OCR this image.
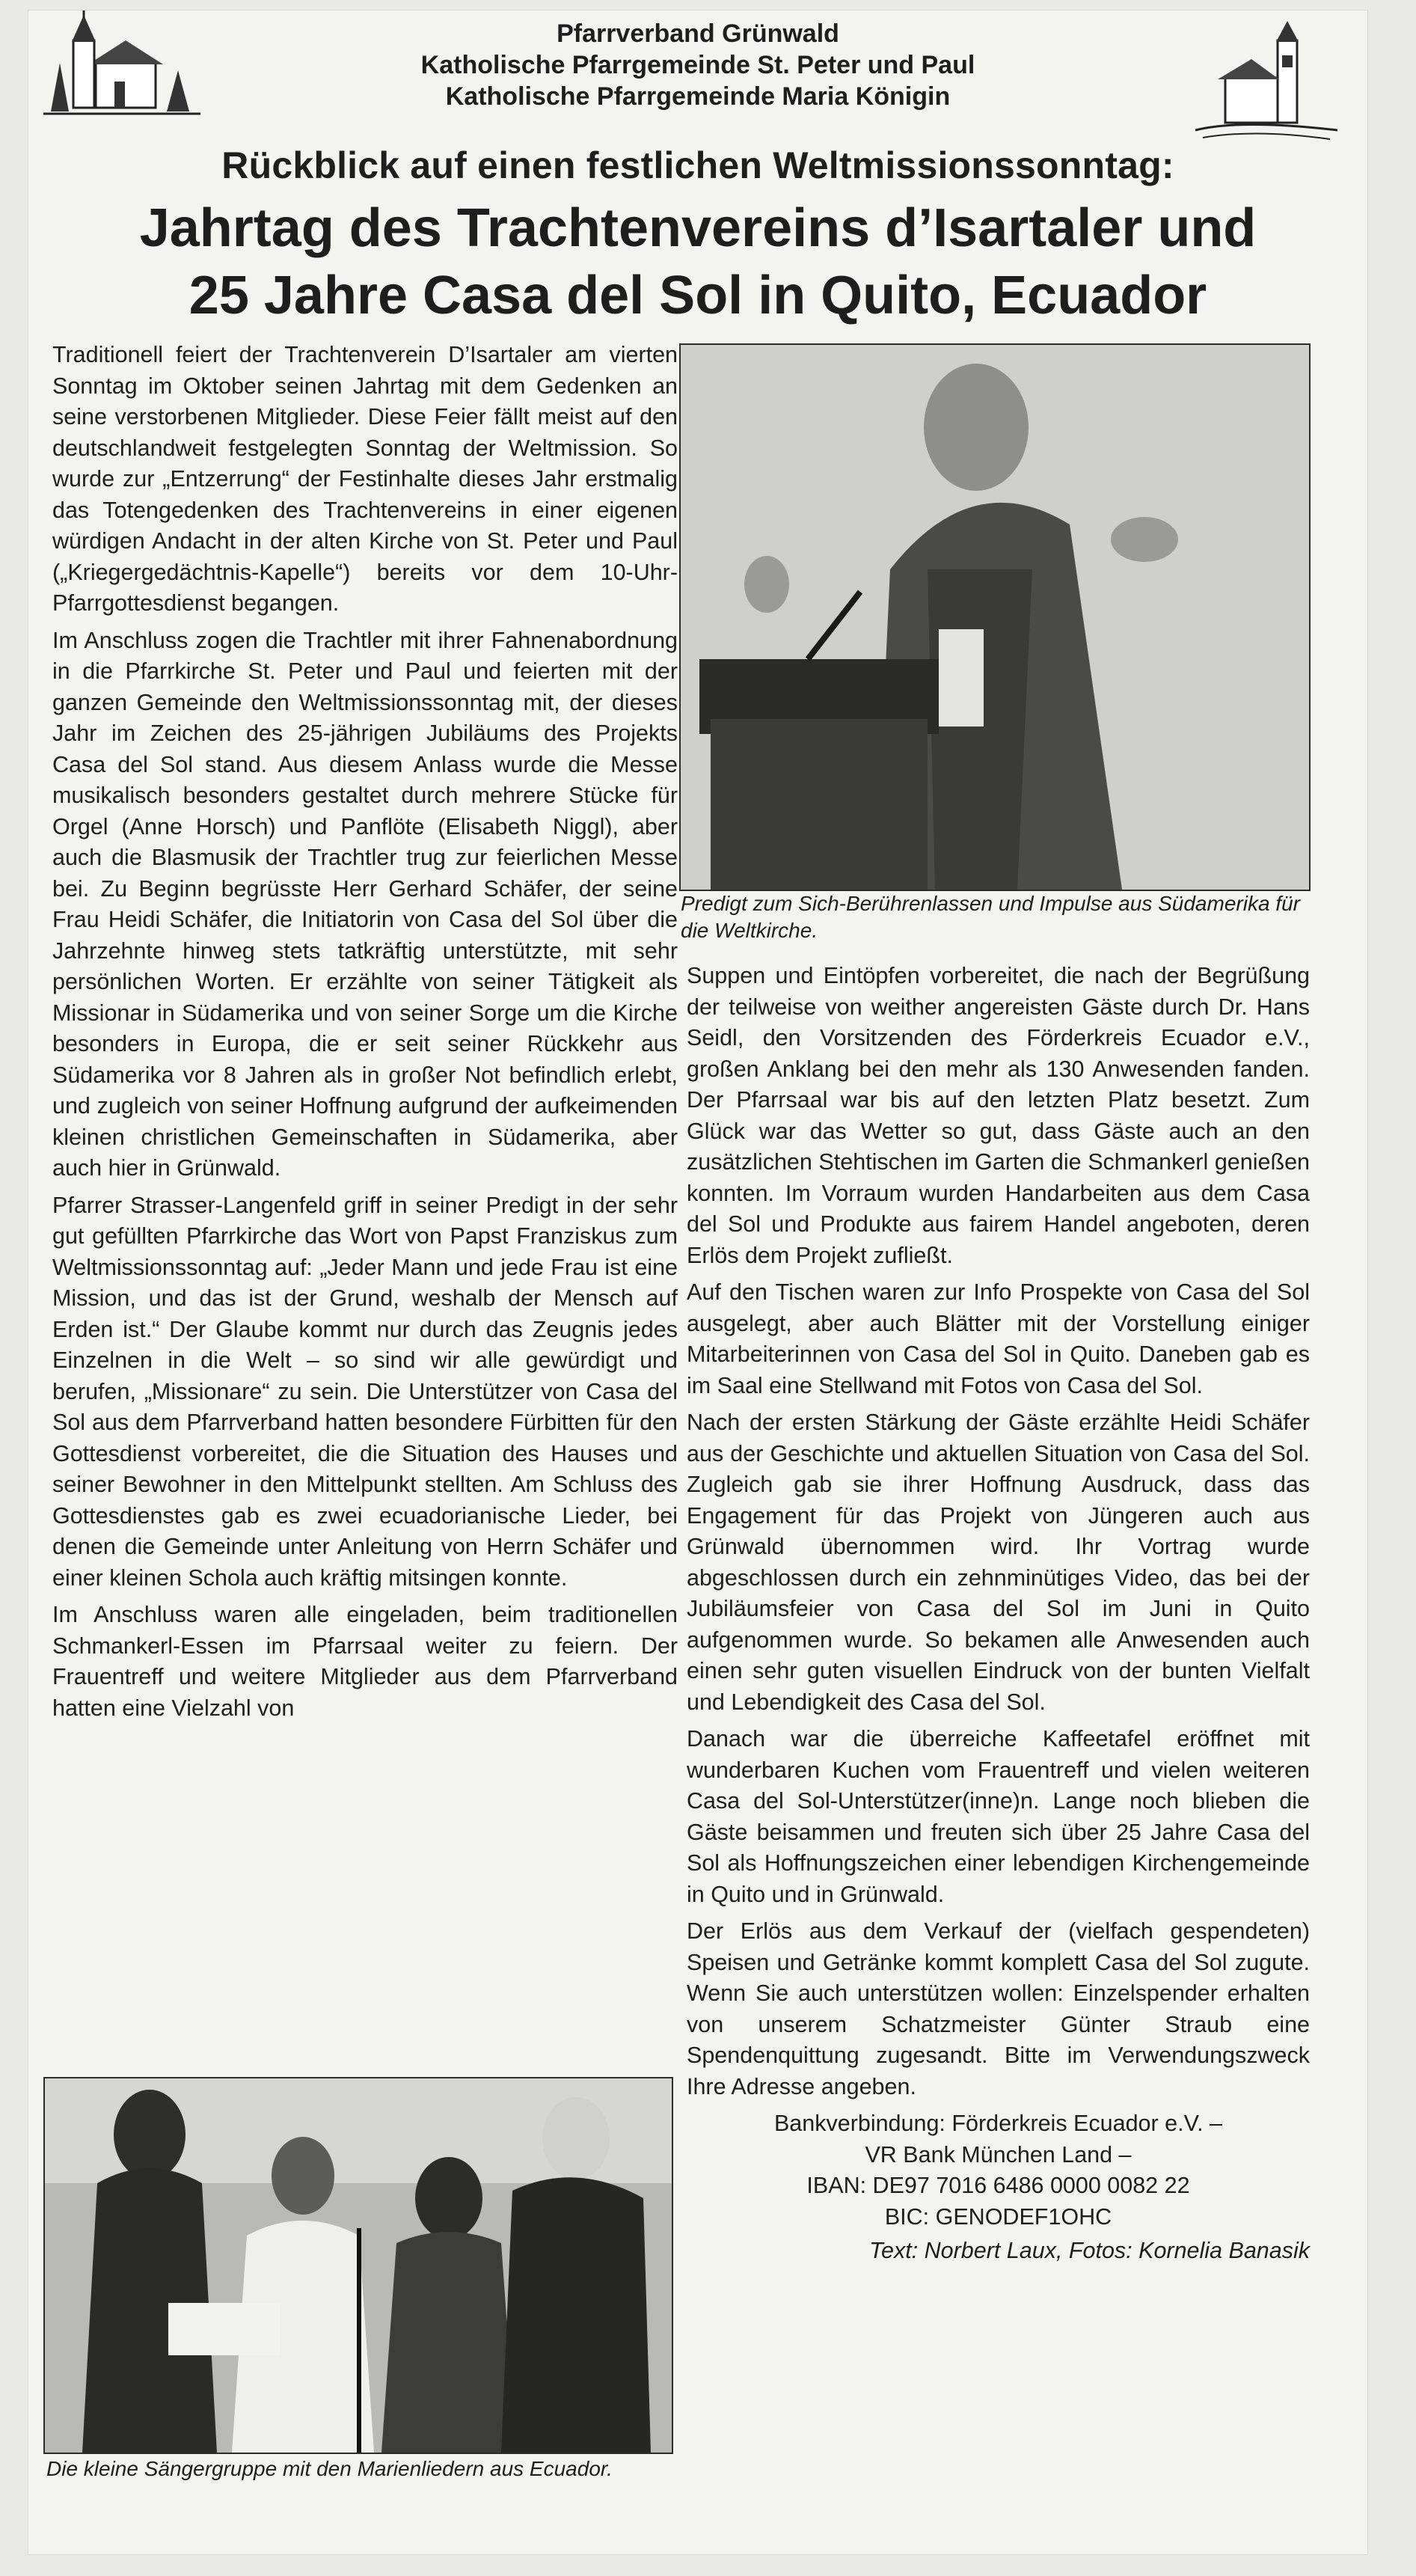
Pfarrverband Grünwald
Katholische Pfarrgemeinde St. Peter und Paul
Katholische Pfarrgemeinde Maria Königin
Rückblick auf einen festlichen Weltmissionssonntag:
Jahrtag des Trachtenvereins d’Isartaler und
25 Jahre Casa del Sol in Quito, Ecuador

Traditionell feiert der Trachtenverein D’Isartaler am vierten Sonntag im Oktober seinen Jahrtag mit dem Gedenken an seine verstorbenen Mitglieder. Diese Feier fällt meist auf den deutschlandweit festgelegten Sonntag der Weltmission. So wurde zur „Entzerrung“ der Festinhalte dieses Jahr erstmalig das Totengedenken des Trachtenvereins in einer eigenen würdigen Andacht in der alten Kirche von St. Peter und Paul („Kriegergedächtnis-Kapelle“) bereits vor dem 10-Uhr-Pfarrgottesdienst begangen.

Im Anschluss zogen die Trachtler mit ihrer Fahnenabordnung in die Pfarrkirche St. Peter und Paul und feierten mit der ganzen Gemeinde den Weltmissionssonntag mit, der dieses Jahr im Zeichen des 25-jährigen Jubiläums des Projekts Casa del Sol stand. Aus diesem Anlass wurde die Messe musikalisch besonders gestaltet durch mehrere Stücke für Orgel (Anne Horsch) und Panflöte (Elisabeth Niggl), aber auch die Blasmusik der Trachtler trug zur feierlichen Messe bei. Zu Beginn begrüsste Herr Gerhard Schäfer, der seine Frau Heidi Schäfer, die Initiatorin von Casa del Sol über die Jahrzehnte hinweg stets tatkräftig unterstützte, mit sehr persönlichen Worten. Er erzählte von seiner Tätigkeit als Missionar in Südamerika und von seiner Sorge um die Kirche besonders in Europa, die er seit seiner Rückkehr aus Südamerika vor 8 Jahren als in großer Not befindlich erlebt, und zugleich von seiner Hoffnung aufgrund der aufkeimenden kleinen christlichen Gemeinschaften in Südamerika, aber auch hier in Grünwald.

Pfarrer Strasser-Langenfeld griff in seiner Predigt in der sehr gut gefüllten Pfarrkirche das Wort von Papst Franziskus zum Weltmissionssonntag auf: „Jeder Mann und jede Frau ist eine Mission, und das ist der Grund, weshalb der Mensch auf Erden ist.“ Der Glaube kommt nur durch das Zeugnis jedes Einzelnen in die Welt – so sind wir alle gewürdigt und berufen, „Missionare“ zu sein. Die Unterstützer von Casa del Sol aus dem Pfarrverband hatten besondere Fürbitten für den Gottesdienst vorbereitet, die die Situation des Hauses und seiner Bewohner in den Mittelpunkt stellten. Am Schluss des Gottesdienstes gab es zwei ecuadorianische Lieder, bei denen die Gemeinde unter Anleitung von Herrn Schäfer und einer kleinen Schola auch kräftig mitsingen konnte.

Im Anschluss waren alle eingeladen, beim traditionellen Schmankerl-Essen im Pfarrsaal weiter zu feiern. Der Frauentreff und weitere Mitglieder aus dem Pfarrverband hatten eine Vielzahl von

Predigt zum Sich-Berührenlassen und Impulse aus Südamerika für die Weltkirche.

Suppen und Eintöpfen vorbereitet, die nach der Begrüßung der teilweise von weither angereisten Gäste durch Dr. Hans Seidl, den Vorsitzenden des Förderkreis Ecuador e.V., großen Anklang bei den mehr als 130 Anwesenden fanden. Der Pfarrsaal war bis auf den letzten Platz besetzt. Zum Glück war das Wetter so gut, dass Gäste auch an den zusätzlichen Stehtischen im Garten die Schmankerl genießen konnten. Im Vorraum wurden Handarbeiten aus dem Casa del Sol und Produkte aus fairem Handel angeboten, deren Erlös dem Projekt zufließt.

Auf den Tischen waren zur Info Prospekte von Casa del Sol ausgelegt, aber auch Blätter mit der Vorstellung einiger Mitarbeiterinnen von Casa del Sol in Quito. Daneben gab es im Saal eine Stellwand mit Fotos von Casa del Sol.

Nach der ersten Stärkung der Gäste erzählte Heidi Schäfer aus der Geschichte und aktuellen Situation von Casa del Sol. Zugleich gab sie ihrer Hoffnung Ausdruck, dass das Engagement für das Projekt von Jüngeren auch aus Grünwald übernommen wird. Ihr Vortrag wurde abgeschlossen durch ein zehnminütiges Video, das bei der Jubiläumsfeier von Casa del Sol im Juni in Quito aufgenommen wurde. So bekamen alle Anwesenden auch einen sehr guten visuellen Eindruck von der bunten Vielfalt und Lebendigkeit des Casa del Sol.

Danach war die überreiche Kaffeetafel eröffnet mit wunderbaren Kuchen vom Frauentreff und vielen weiteren Casa del Sol-Unterstützer(inne)n. Lange noch blieben die Gäste beisammen und freuten sich über 25 Jahre Casa del Sol als Hoffnungszeichen einer lebendigen Kirchengemeinde in Quito und in Grünwald.

Der Erlös aus dem Verkauf der (vielfach gespendeten) Speisen und Getränke kommt komplett Casa del Sol zugute. Wenn Sie auch unterstützen wollen: Einzelspender erhalten von unserem Schatzmeister Günter Straub eine Spendenquittung zugesandt. Bitte im Verwendungszweck Ihre Adresse angeben.

Bankverbindung: Förderkreis Ecuador e.V. –
VR Bank München Land –
IBAN: DE97 7016 6486 0000 0082 22
BIC: GENODEF1OHC
Text: Norbert Laux, Fotos: Kornelia Banasik
Die kleine Sängergruppe mit den Marienliedern aus Ecuador.
